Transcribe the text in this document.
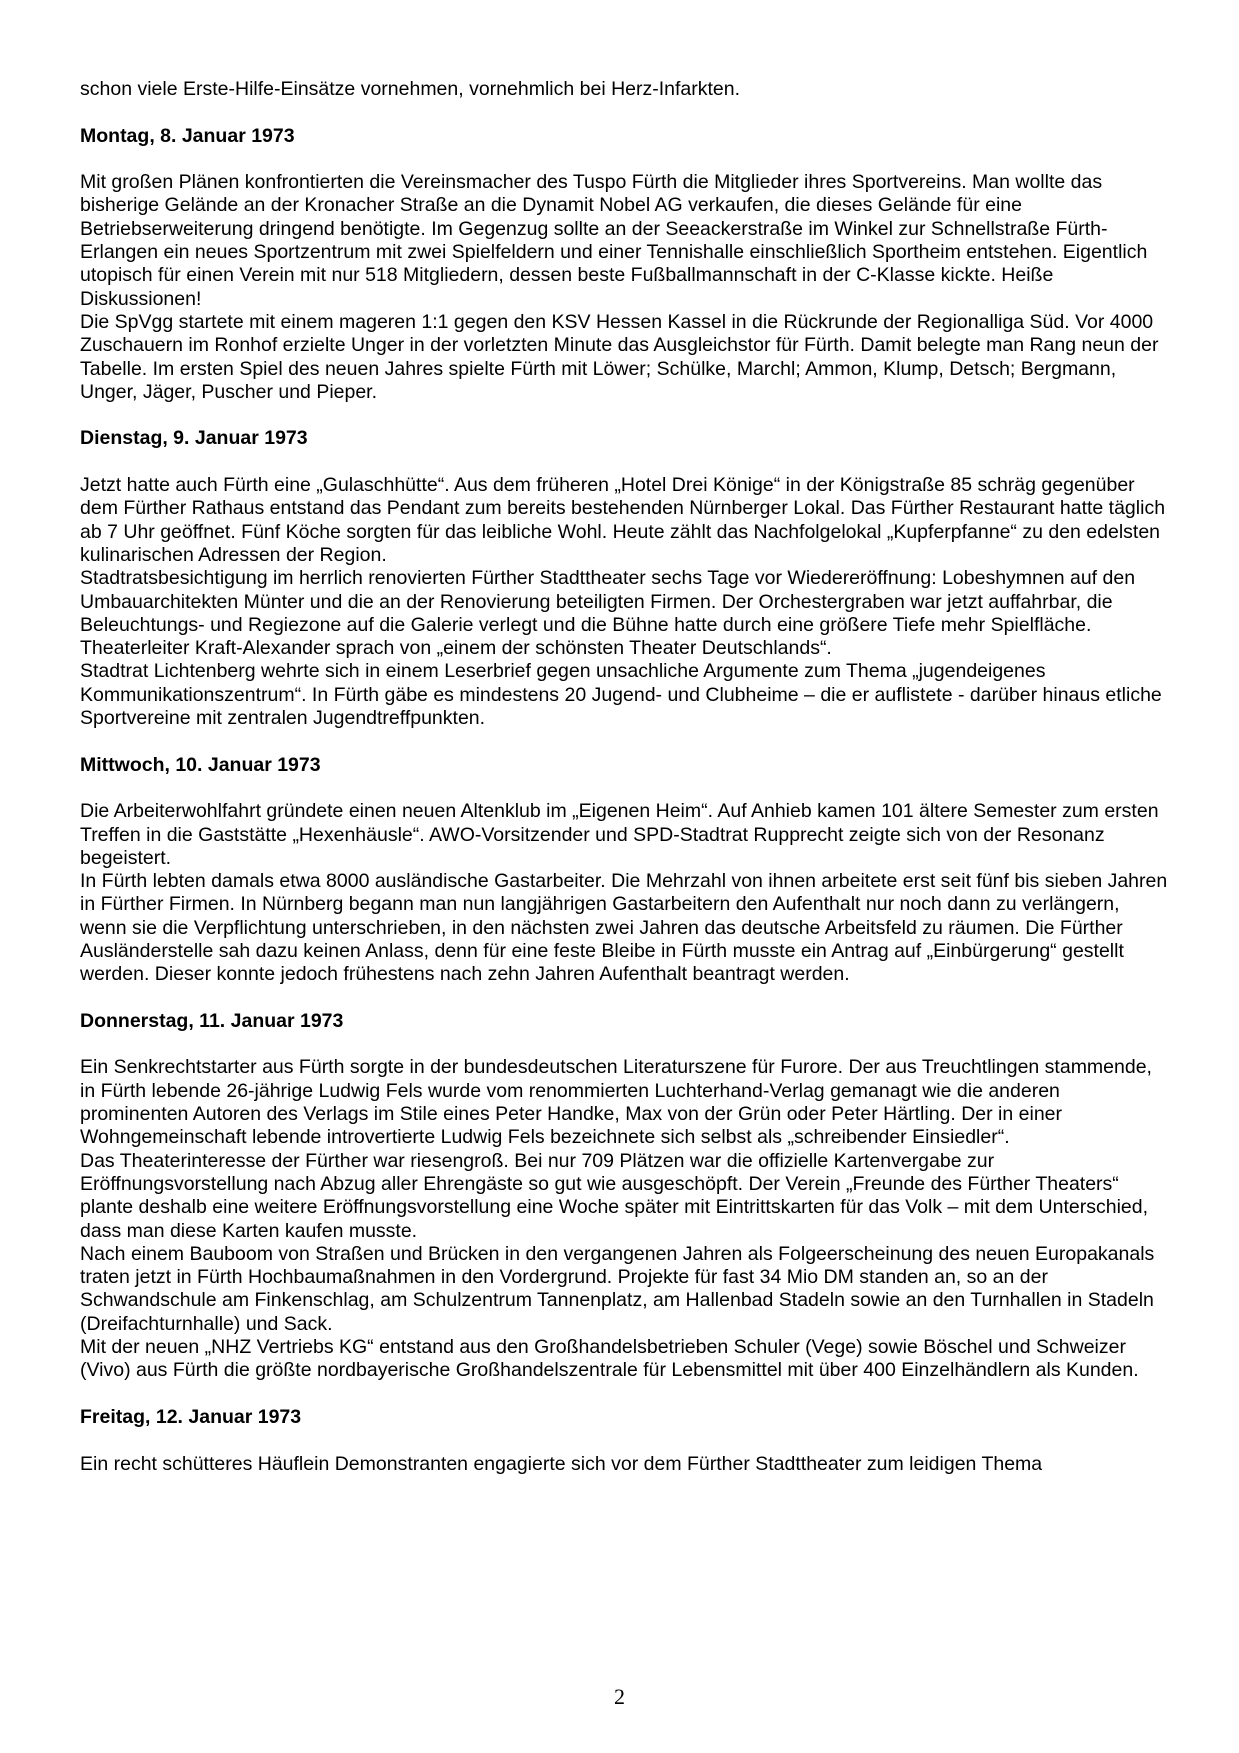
schon viele Erste-Hilfe-Einsätze vornehmen, vornehmlich bei Herz-Infarkten.

Montag, 8. Januar 1973

Mit großen Plänen konfrontierten die Vereinsmacher des Tuspo Fürth die Mitglieder ihres Sportvereins. Man wollte das bisherige Gelände an der Kronacher Straße an die Dynamit Nobel AG verkaufen, die dieses Gelände für eine Betriebserweiterung dringend benötigte. Im Gegenzug sollte an der Seeackerstraße im Winkel zur Schnellstraße Fürth-Erlangen ein neues Sportzentrum mit zwei Spielfeldern und einer Tennishalle einschließlich Sportheim entstehen. Eigentlich utopisch für einen Verein mit nur 518 Mitgliedern, dessen beste Fußballmannschaft in der C-Klasse kickte. Heiße Diskussionen!

Die SpVgg startete mit einem mageren 1:1 gegen den KSV Hessen Kassel in die Rückrunde der Regionalliga Süd. Vor 4000 Zuschauern im Ronhof erzielte Unger in der vorletzten Minute das Ausgleichstor für Fürth. Damit belegte man Rang neun der Tabelle. Im ersten Spiel des neuen Jahres spielte Fürth mit Löwer; Schülke, Marchl; Ammon, Klump, Detsch; Bergmann, Unger, Jäger, Puscher und Pieper.

Dienstag, 9. Januar 1973

Jetzt hatte auch Fürth eine „Gulaschhütte“. Aus dem früheren „Hotel Drei Könige“ in der Königstraße 85 schräg gegenüber dem Fürther Rathaus entstand das Pendant zum bereits bestehenden Nürnberger Lokal. Das Fürther Restaurant hatte täglich ab 7 Uhr geöffnet. Fünf Köche sorgten für das leibliche Wohl. Heute zählt das Nachfolgelokal „Kupferpfanne“ zu den edelsten kulinarischen Adressen der Region.

Stadtratsbesichtigung im herrlich renovierten Fürther Stadttheater sechs Tage vor Wiedereröffnung: Lobeshymnen auf den Umbauarchitekten Münter und die an der Renovierung beteiligten Firmen. Der Orchestergraben war jetzt auffahrbar, die Beleuchtungs- und Regiezone auf die Galerie verlegt und die Bühne hatte durch eine größere Tiefe mehr Spielfläche. Theaterleiter Kraft-Alexander sprach von „einem der schönsten Theater Deutschlands“.

Stadtrat Lichtenberg wehrte sich in einem Leserbrief gegen unsachliche Argumente zum Thema „jugendeigenes Kommunikationszentrum“. In Fürth gäbe es mindestens 20 Jugend- und Clubheime – die er auflistete - darüber hinaus etliche Sportvereine mit zentralen Jugendtreffpunkten.

Mittwoch, 10. Januar 1973

Die Arbeiterwohlfahrt gründete einen neuen Altenklub im „Eigenen Heim“. Auf Anhieb kamen 101 ältere Semester zum ersten Treffen in die Gaststätte „Hexenhäusle“. AWO-Vorsitzender und SPD-Stadtrat Rupprecht zeigte sich von der Resonanz begeistert.

In Fürth lebten damals etwa 8000 ausländische Gastarbeiter. Die Mehrzahl von ihnen arbeitete erst seit fünf bis sieben Jahren in Fürther Firmen. In Nürnberg begann man nun langjährigen Gastarbeitern den Aufenthalt nur noch dann zu verlängern, wenn sie die Verpflichtung unterschrieben, in den nächsten zwei Jahren das deutsche Arbeitsfeld zu räumen. Die Fürther Ausländerstelle sah dazu keinen Anlass, denn für eine feste Bleibe in Fürth musste ein Antrag auf „Einbürgerung“ gestellt werden. Dieser konnte jedoch frühestens nach zehn Jahren Aufenthalt beantragt werden.

Donnerstag, 11. Januar 1973

Ein Senkrechtstarter aus Fürth sorgte in der bundesdeutschen Literaturszene für Furore. Der aus Treuchtlingen stammende, in Fürth lebende 26-jährige Ludwig Fels wurde vom renommierten Luchterhand-Verlag gemanagt wie die anderen prominenten Autoren des Verlags im Stile eines Peter Handke, Max von der Grün oder Peter Härtling. Der in einer Wohngemeinschaft lebende introvertierte Ludwig Fels bezeichnete sich selbst als „schreibender Einsiedler“.

Das Theaterinteresse der Fürther war riesengroß. Bei nur 709 Plätzen war die offizielle Kartenvergabe zur Eröffnungsvorstellung nach Abzug aller Ehrengäste so gut wie ausgeschöpft. Der Verein „Freunde des Fürther Theaters“ plante deshalb eine weitere Eröffnungsvorstellung eine Woche später mit Eintrittskarten für das Volk – mit dem Unterschied, dass man diese Karten kaufen musste.

Nach einem Bauboom von Straßen und Brücken in den vergangenen Jahren als Folgeerscheinung des neuen Europakanals traten jetzt in Fürth Hochbaumaßnahmen in den Vordergrund. Projekte für fast 34 Mio DM standen an, so an der Schwandschule am Finkenschlag, am Schulzentrum Tannenplatz, am Hallenbad Stadeln sowie an den Turnhallen in Stadeln (Dreifachturnhalle) und Sack.

Mit der neuen „NHZ Vertriebs KG“ entstand aus den Großhandelsbetrieben Schuler (Vege) sowie Böschel und Schweizer (Vivo) aus Fürth die größte nordbayerische Großhandelszentrale für Lebensmittel mit über 400 Einzelhändlern als Kunden.

Freitag, 12. Januar 1973

Ein recht schütteres Häuflein Demonstranten engagierte sich vor dem Fürther Stadttheater zum leidigen Thema

2
